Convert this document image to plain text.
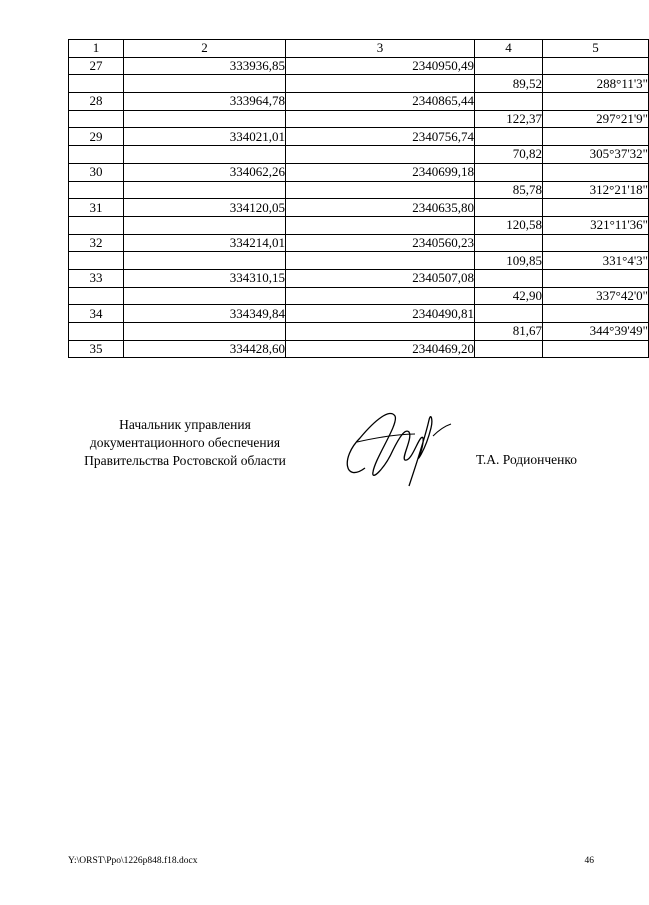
1	2	3	4	5
27	333936,85	2340950,49		
			89,52	288°11'3"
28	333964,78	2340865,44		
			122,37	297°21'9"
29	334021,01	2340756,74		
			70,82	305°37'32"
30	334062,26	2340699,18		
			85,78	312°21'18"
31	334120,05	2340635,80		
			120,58	321°11'36"
32	334214,01	2340560,23		
			109,85	331°4'3"
33	334310,15	2340507,08		
			42,90	337°42'0"
34	334349,84	2340490,81		
			81,67	344°39'49"
35	334428,60	2340469,20		
Начальник управления
документационного обеспечения
Правительства Ростовской области	Т.А. Родионченко
Y:\ORST\Ppo\1226p848.f18.docx	46
